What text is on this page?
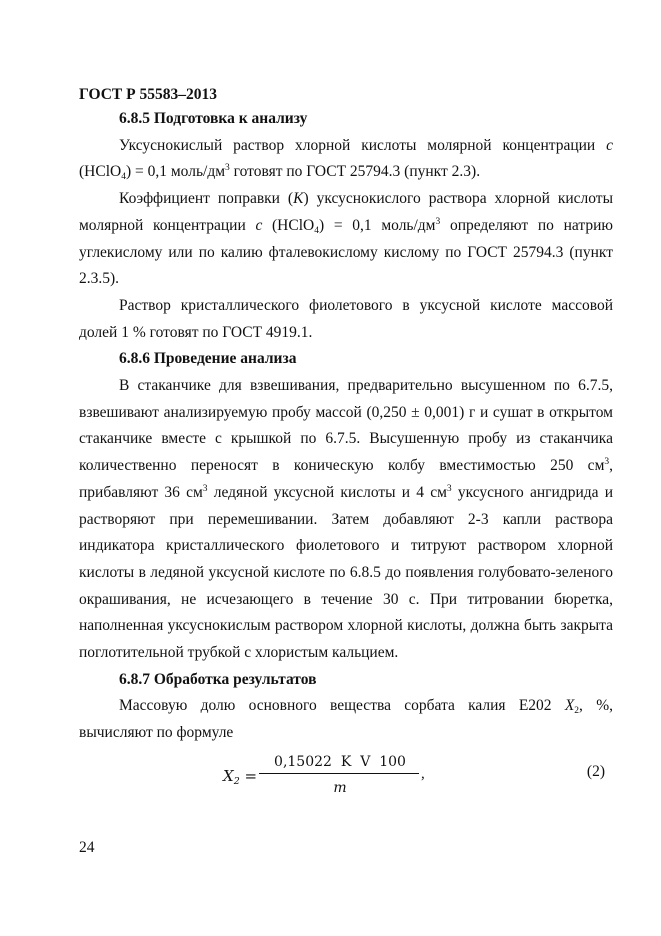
ГОСТ Р 55583–2013
6.8.5 Подготовка к анализу

Уксуснокислый раствор хлорной кислоты молярной концентрации c (HClO$_4$) = 0,1 моль/$дм^3$ готовят по ГОСТ 25794.3 (пункт 2.3).

Коэффициент поправки (K) уксуснокислого раствора хлорной кислоты молярной концентрации c (HClO$_4$) = 0,1 моль/$дм^3$ определяют по натрию углекислому или по калию фталевокислому кислому по ГОСТ 25794.3 (пункт 2.3.5).

Раствор кристаллического фиолетового в уксусной кислоте массовой долей 1 % готовят по ГОСТ 4919.1.

6.8.6 Проведение анализа

В стаканчике для взвешивания, предварительно высушенном по 6.7.5, взвешивают анализируемую пробу массой (0,250 ± 0,001) г и сушат в открытом стаканчике вместе с крышкой по 6.7.5. Высушенную пробу из стаканчика количественно переносят в коническую колбу вместимостью 250 $см^3$, прибавляют 36 $см^3$ ледяной уксусной кислоты и 4 $см^3$ уксусного ангидрида и растворяют при перемешивании. Затем добавляют 2-3 капли раствора индикатора кристаллического фиолетового и титруют раствором хлорной кислоты в ледяной уксусной кислоте по 6.8.5 до появления голубовато-зеленого окрашивания, не исчезающего в течение 30 с. При титровании бюретка, наполненная уксуснокислым раствором хлорной кислоты, должна быть закрыта поглотительной трубкой с хлористым кальцием.

6.8.7 Обработка результатов

Массовую долю основного вещества сорбата калия E202 $X_2$, %, вычисляют по формуле

$X_2$ =
0,15022  K  V  100
m
,	(2)
24
